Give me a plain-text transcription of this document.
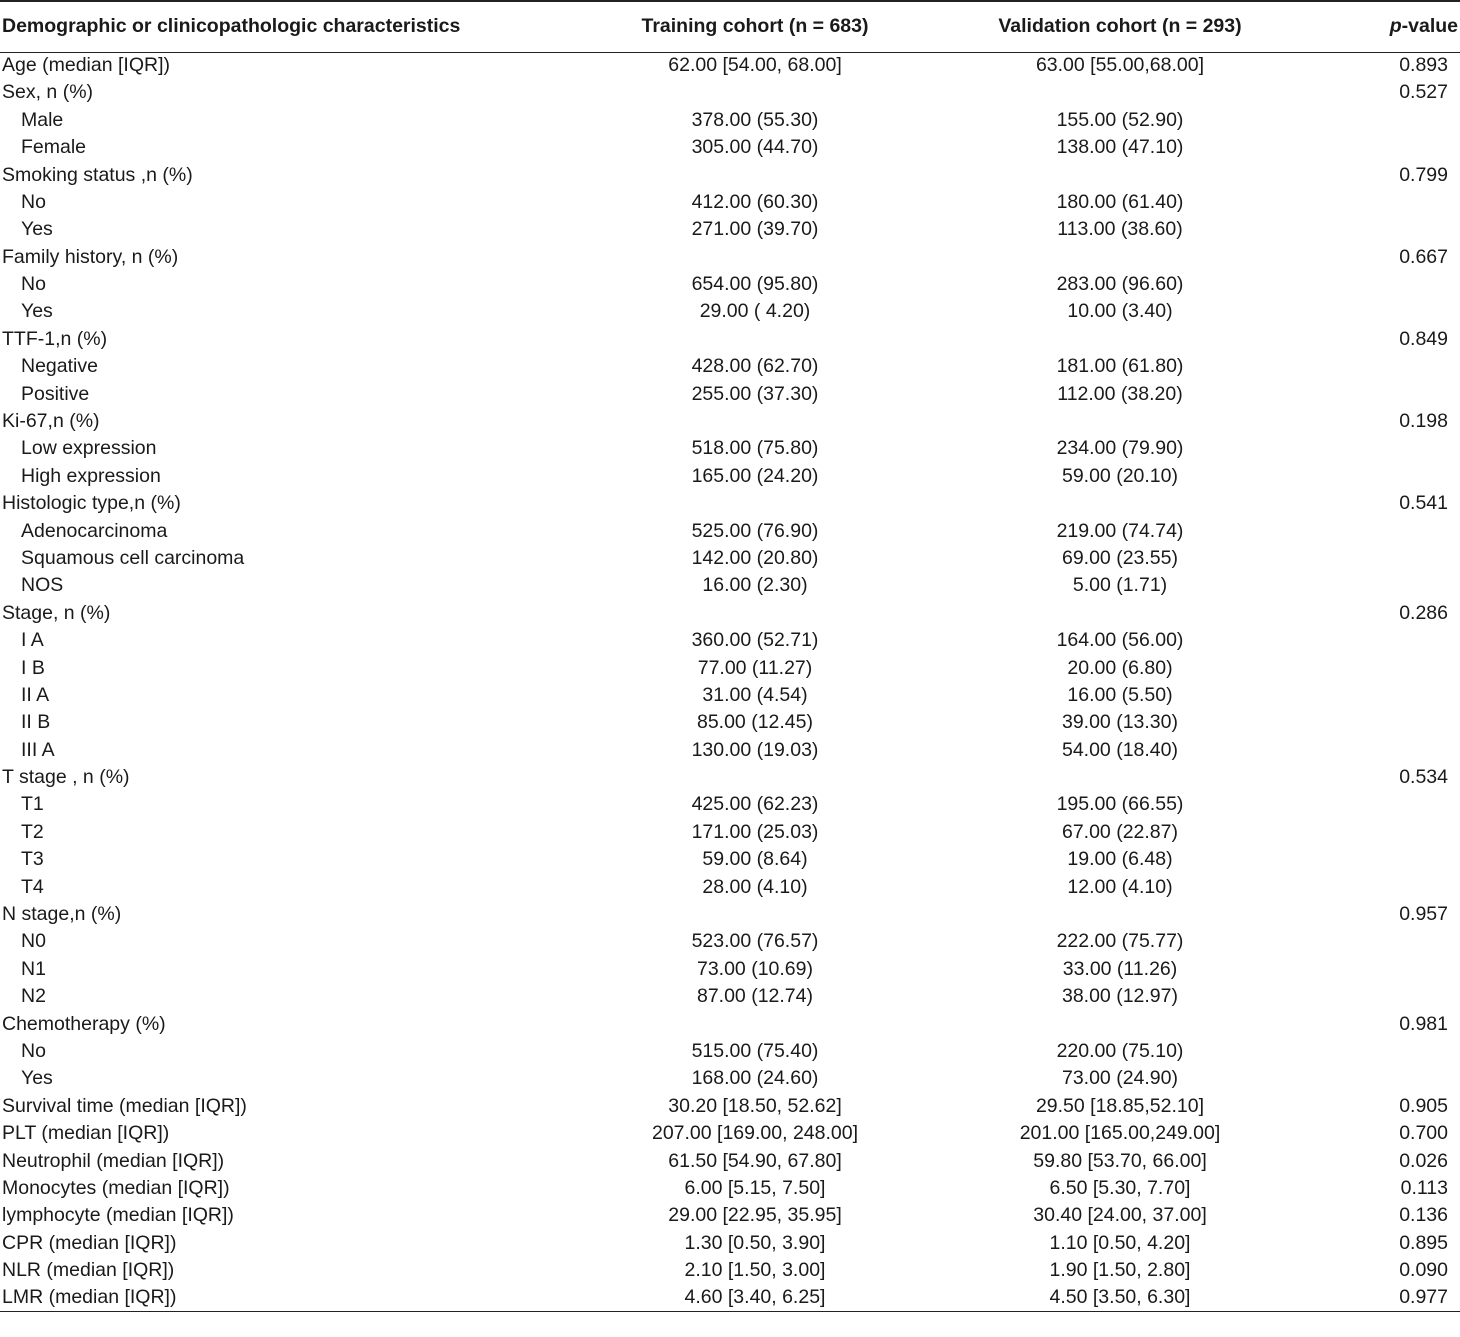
Demographic or clinicopathologic characteristics	Training cohort (n = 683)	Validation cohort (n = 293)	p-value
Age (median [IQR])	62.00 [54.00, 68.00]	63.00 [55.00,68.00]	0.893
Sex, n (%)			0.527
Male	378.00 (55.30)	155.00 (52.90)	
Female	305.00 (44.70)	138.00 (47.10)	
Smoking status ,n (%)			0.799
No	412.00 (60.30)	180.00 (61.40)	
Yes	271.00 (39.70)	113.00 (38.60)	
Family history, n (%)			0.667
No	654.00 (95.80)	283.00 (96.60)	
Yes	29.00 ( 4.20)	10.00 (3.40)	
TTF-1,n (%)			0.849
Negative	428.00 (62.70)	181.00 (61.80)	
Positive	255.00 (37.30)	112.00 (38.20)	
Ki-67,n (%)			0.198
Low expression	518.00 (75.80)	234.00 (79.90)	
High expression	165.00 (24.20)	59.00 (20.10)	
Histologic type,n (%)			0.541
Adenocarcinoma	525.00 (76.90)	219.00 (74.74)	
Squamous cell carcinoma	142.00 (20.80)	69.00 (23.55)	
NOS	16.00 (2.30)	5.00 (1.71)	
Stage, n (%)			0.286
I A	360.00 (52.71)	164.00 (56.00)	
I B	77.00 (11.27)	20.00 (6.80)	
II A	31.00 (4.54)	16.00 (5.50)	
II B	85.00 (12.45)	39.00 (13.30)	
III A	130.00 (19.03)	54.00 (18.40)	
T stage , n (%)			0.534
T1	425.00 (62.23)	195.00 (66.55)	
T2	171.00 (25.03)	67.00 (22.87)	
T3	59.00 (8.64)	19.00 (6.48)	
T4	28.00 (4.10)	12.00 (4.10)	
N stage,n (%)			0.957
N0	523.00 (76.57)	222.00 (75.77)	
N1	73.00 (10.69)	33.00 (11.26)	
N2	87.00 (12.74)	38.00 (12.97)	
Chemotherapy (%)			0.981
No	515.00 (75.40)	220.00 (75.10)	
Yes	168.00 (24.60)	73.00 (24.90)	
Survival time (median [IQR])	30.20 [18.50, 52.62]	29.50 [18.85,52.10]	0.905
PLT (median [IQR])	207.00 [169.00, 248.00]	201.00 [165.00,249.00]	0.700
Neutrophil (median [IQR])	61.50 [54.90, 67.80]	59.80 [53.70, 66.00]	0.026
Monocytes (median [IQR])	6.00 [5.15, 7.50]	6.50 [5.30, 7.70]	0.113
lymphocyte (median [IQR])	29.00 [22.95, 35.95]	30.40 [24.00, 37.00]	0.136
CPR (median [IQR])	1.30 [0.50, 3.90]	1.10 [0.50, 4.20]	0.895
NLR (median [IQR])	2.10 [1.50, 3.00]	1.90 [1.50, 2.80]	0.090
LMR (median [IQR])	4.60 [3.40, 6.25]	4.50 [3.50, 6.30]	0.977
